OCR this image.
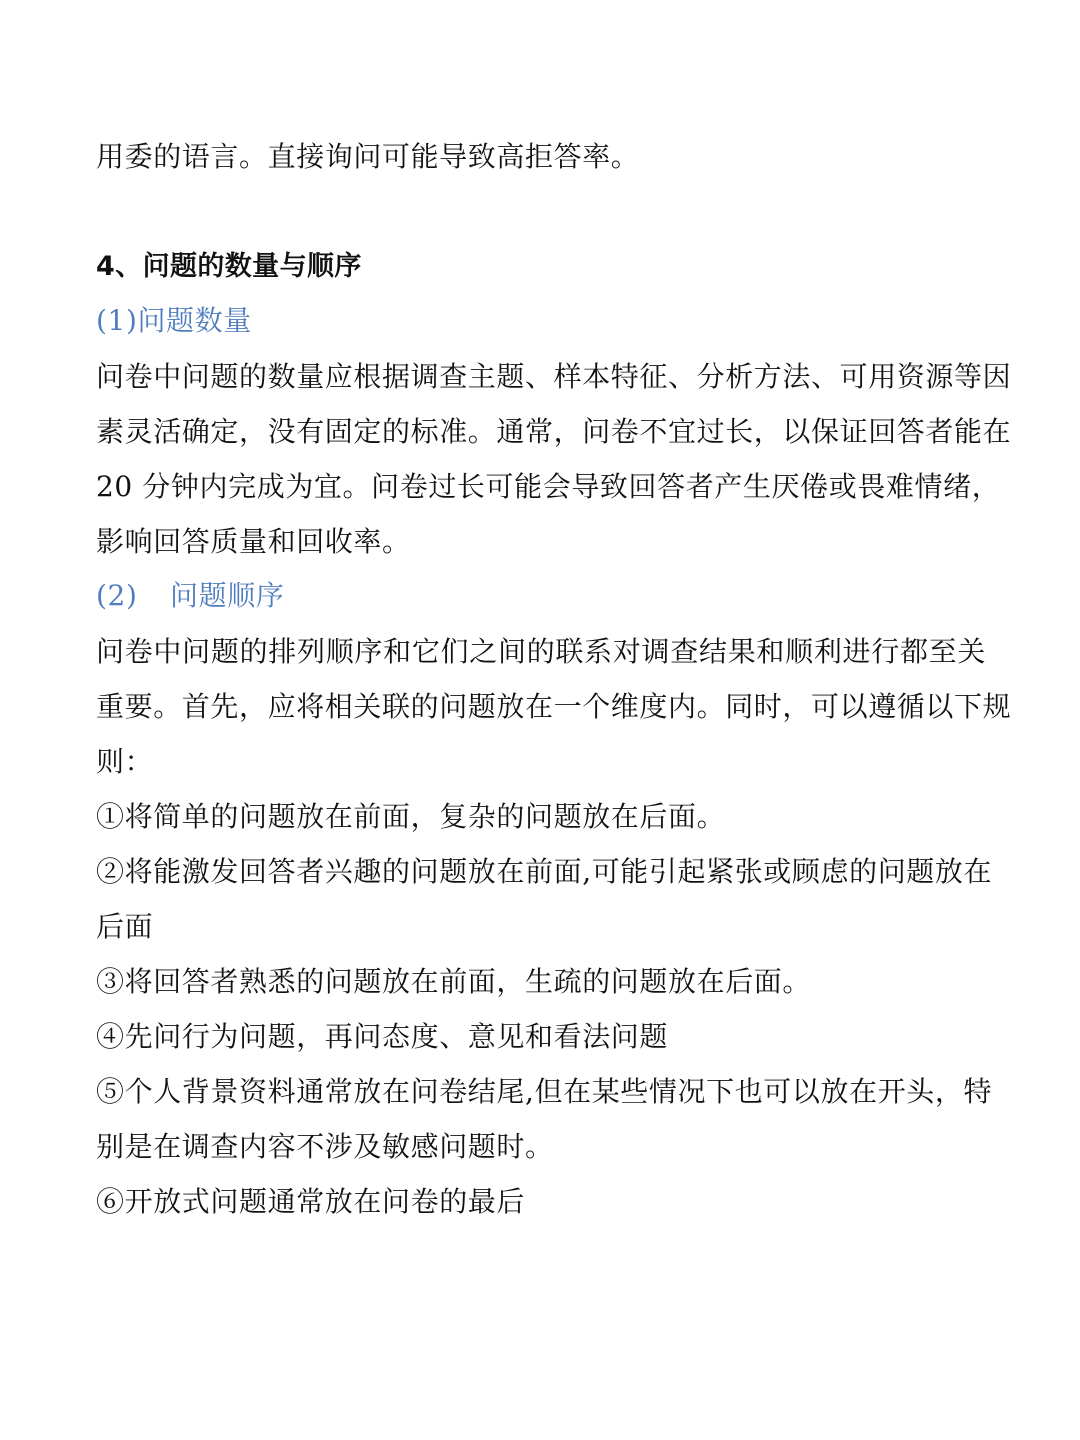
用委的语言。直接询问可能导致高拒答率。
4、问题的数量与顺序
(1)问题数量
问卷中问题的数量应根据调查主题、样本特征、分析方法、可用资源等因
素灵活确定，没有固定的标准。通常，问卷不宜过长，以保证回答者能在
20 分钟内完成为宜。问卷过长可能会导致回答者产生厌倦或畏难情绪，
影响回答质量和回收率。
(2) 问题顺序
问卷中问题的排列顺序和它们之间的联系对调查结果和顺利进行都至关
重要。首先，应将相关联的问题放在一个维度内。同时，可以遵循以下规
则：
①将简单的问题放在前面，复杂的问题放在后面。
②将能激发回答者兴趣的问题放在前面,可能引起紧张或顾虑的问题放在
后面
③将回答者熟悉的问题放在前面，生疏的问题放在后面。
④先问行为问题，再问态度、意见和看法问题
⑤个人背景资料通常放在问卷结尾,但在某些情况下也可以放在开头，特
别是在调查内容不涉及敏感问题时。
⑥开放式问题通常放在问卷的最后
